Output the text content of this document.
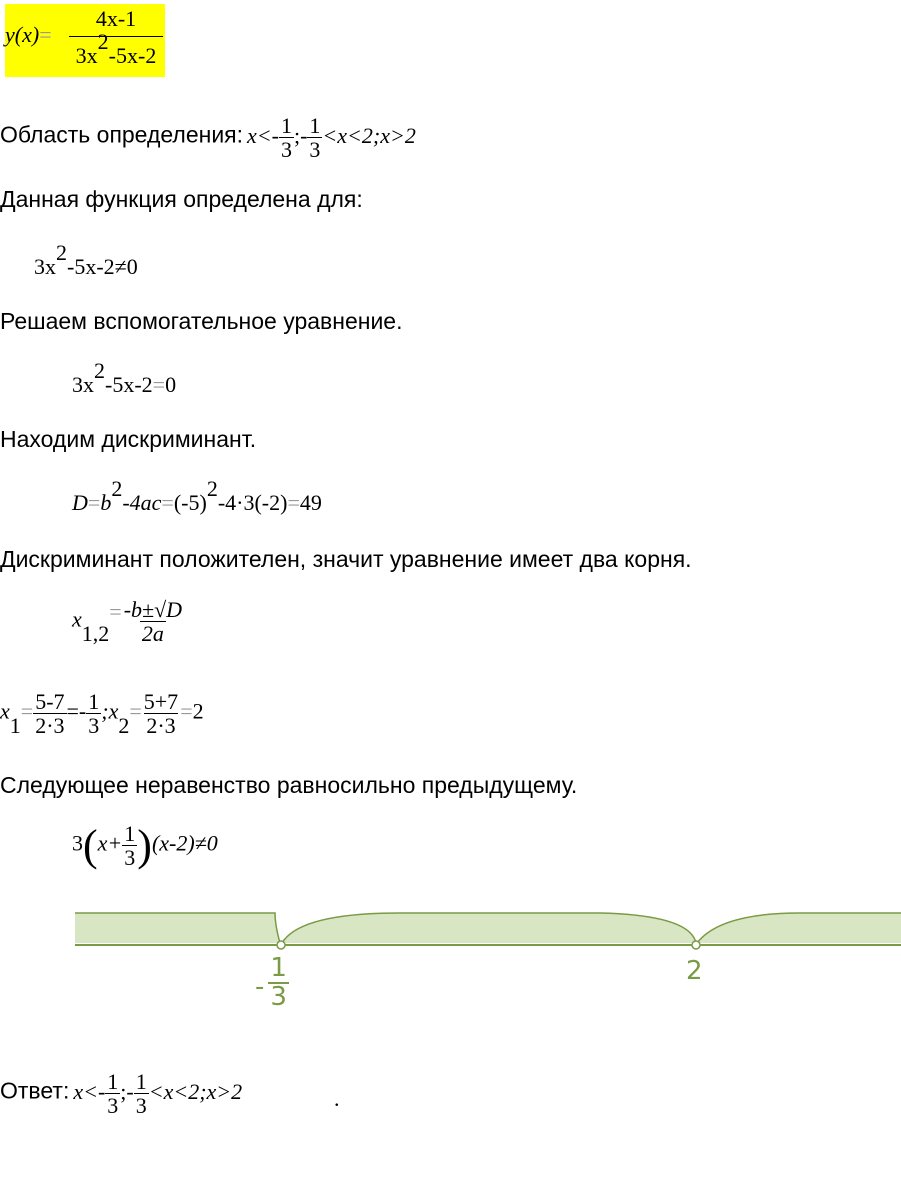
$y(x)= \frac{4x-1}{3x2-5x-2}$
Область определения: $x<- \frac{1}{3}$ ;- $\frac{1}{3}$ <x<2;x>2
Данная функция определена для:
3x2-5x-2≠0
Решаем вспомогательное уравнение.
3x2-5x-2=0
Находим дискриминант.
D=b2-4ac=(-5)2-4·3(-2)=49
Дискриминант положителен, значит уравнение имеет два корня.
$x1,2= \frac{-b\pm√D}{2a}$
$x1= \frac{5-7}{2\cdot 3} =- \frac{1}{3}$ ;x2= $\frac{5+7}{2\cdot 3} =2$
Следующее неравенство равносильно предыдущему.
$3(x+ \frac{1}{3} )(x-2)\ne 0$
- $\frac{1}{3}$	2
Ответ: $x<- \frac{1}{3}$ ;- $\frac{1}{3}$ <x<2;x>2	.
